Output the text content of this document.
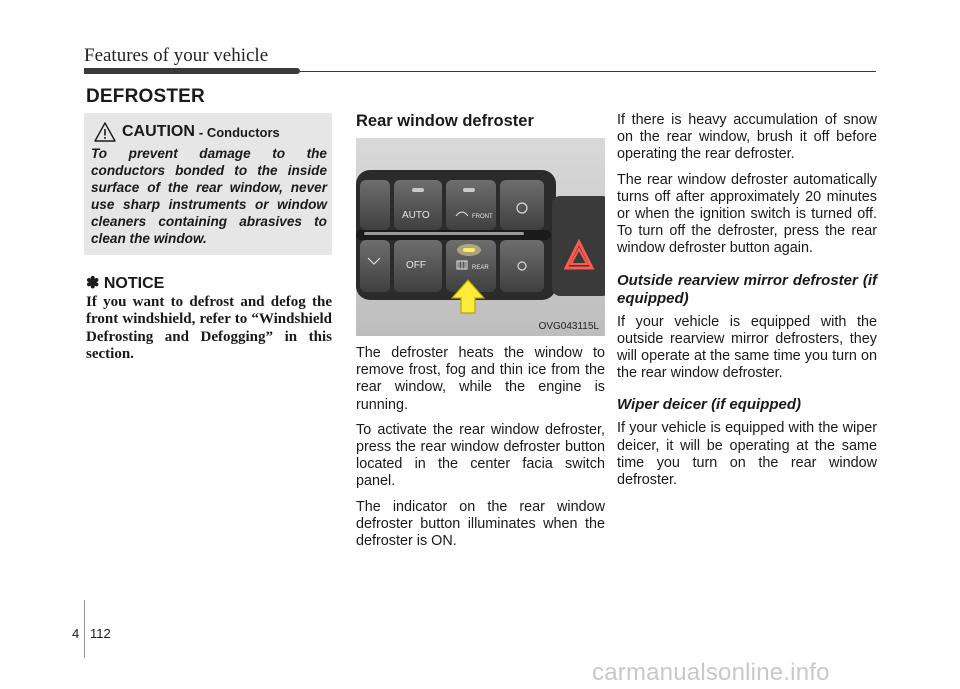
Features of your vehicle
DEFROSTER
CAUTION - Conductors
To prevent damage to the conductors bonded to the inside surface of the rear window, never use sharp instruments or window cleaners containing abrasives to clean the window.
✽ NOTICE
If you want to defrost and defog the front windshield, refer to “Windshield Defrosting and Defogging” in this section.
Rear window defroster
AUTO
OFF
FRONT
REAR
OVG043115L

The defroster heats the window to remove frost, fog and thin ice from the rear window, while the engine is running.

To activate the rear window defroster, press the rear window defroster button located in the center facia switch panel.

The indicator on the rear window defroster button illuminates when the defroster is ON.

If there is heavy accumulation of snow on the rear window, brush it off before operating the rear defroster.

The rear window defroster automatically turns off after approximately 20 minutes or when the ignition switch is turned off. To turn off the defroster, press the rear window defroster button again.

Outside rearview mirror defroster (if equipped)

If your vehicle is equipped with the outside rearview mirror defrosters, they will operate at the same time you turn on the rear window defroster.

Wiper deicer (if equipped)

If your vehicle is equipped with the wiper deicer, it will be operating at the same time you turn on the rear window defroster.

4 112
carmanualsonline.info
